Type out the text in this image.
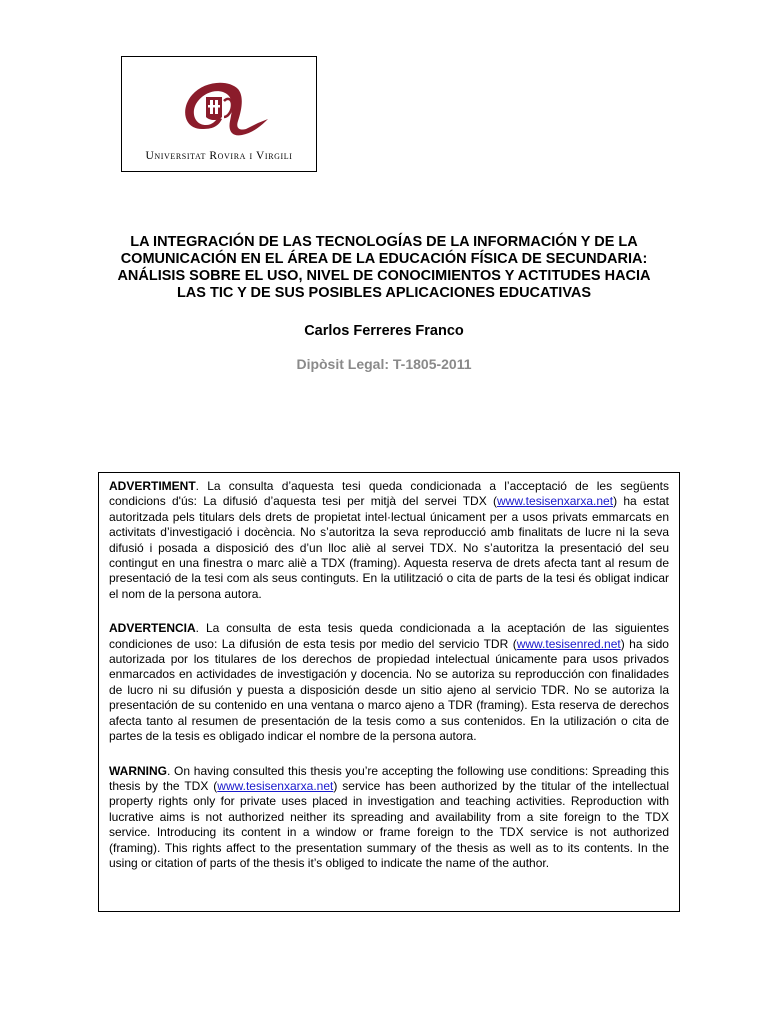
Universitat Rovira i Virgili
LA INTEGRACIÓN DE LAS TECNOLOGÍAS DE LA INFORMACIÓN Y DE LA COMUNICACIÓN EN EL ÁREA DE LA EDUCACIÓN FÍSICA DE SECUNDARIA: ANÁLISIS SOBRE EL USO, NIVEL DE CONOCIMIENTOS Y ACTITUDES HACIA LAS TIC Y DE SUS POSIBLES APLICACIONES EDUCATIVAS
Carlos Ferreres Franco
Dipòsit Legal: T-1805-2011

ADVERTIMENT. La consulta d’aquesta tesi queda condicionada a l’acceptació de les següents condicions d'ús: La difusió d’aquesta tesi per mitjà del servei TDX (www.tesisenxarxa.net) ha estat autoritzada pels titulars dels drets de propietat intel·lectual únicament per a usos privats emmarcats en activitats d’investigació i docència. No s’autoritza la seva reproducció amb finalitats de lucre ni la seva difusió i posada a disposició des d’un lloc aliè al servei TDX. No s’autoritza la presentació del seu contingut en una finestra o marc aliè a TDX (framing). Aquesta reserva de drets afecta tant al resum de presentació de la tesi com als seus continguts. En la utilització o cita de parts de la tesi és obligat indicar el nom de la persona autora.

ADVERTENCIA. La consulta de esta tesis queda condicionada a la aceptación de las siguientes condiciones de uso: La difusión de esta tesis por medio del servicio TDR (www.tesisenred.net) ha sido autorizada por los titulares de los derechos de propiedad intelectual únicamente para usos privados enmarcados en actividades de investigación y docencia. No se autoriza su reproducción con finalidades de lucro ni su difusión y puesta a disposición desde un sitio ajeno al servicio TDR. No se autoriza la presentación de su contenido en una ventana o marco ajeno a TDR (framing). Esta reserva de derechos afecta tanto al resumen de presentación de la tesis como a sus contenidos. En la utilización o cita de partes de la tesis es obligado indicar el nombre de la persona autora.

WARNING. On having consulted this thesis you’re accepting the following use conditions: Spreading this thesis by the TDX (www.tesisenxarxa.net) service has been authorized by the titular of the intellectual property rights only for private uses placed in investigation and teaching activities. Reproduction with lucrative aims is not authorized neither its spreading and availability from a site foreign to the TDX service. Introducing its content in a window or frame foreign to the TDX service is not authorized (framing). This rights affect to the presentation summary of the thesis as well as to its contents. In the using or citation of parts of the thesis it’s obliged to indicate the name of the author.
